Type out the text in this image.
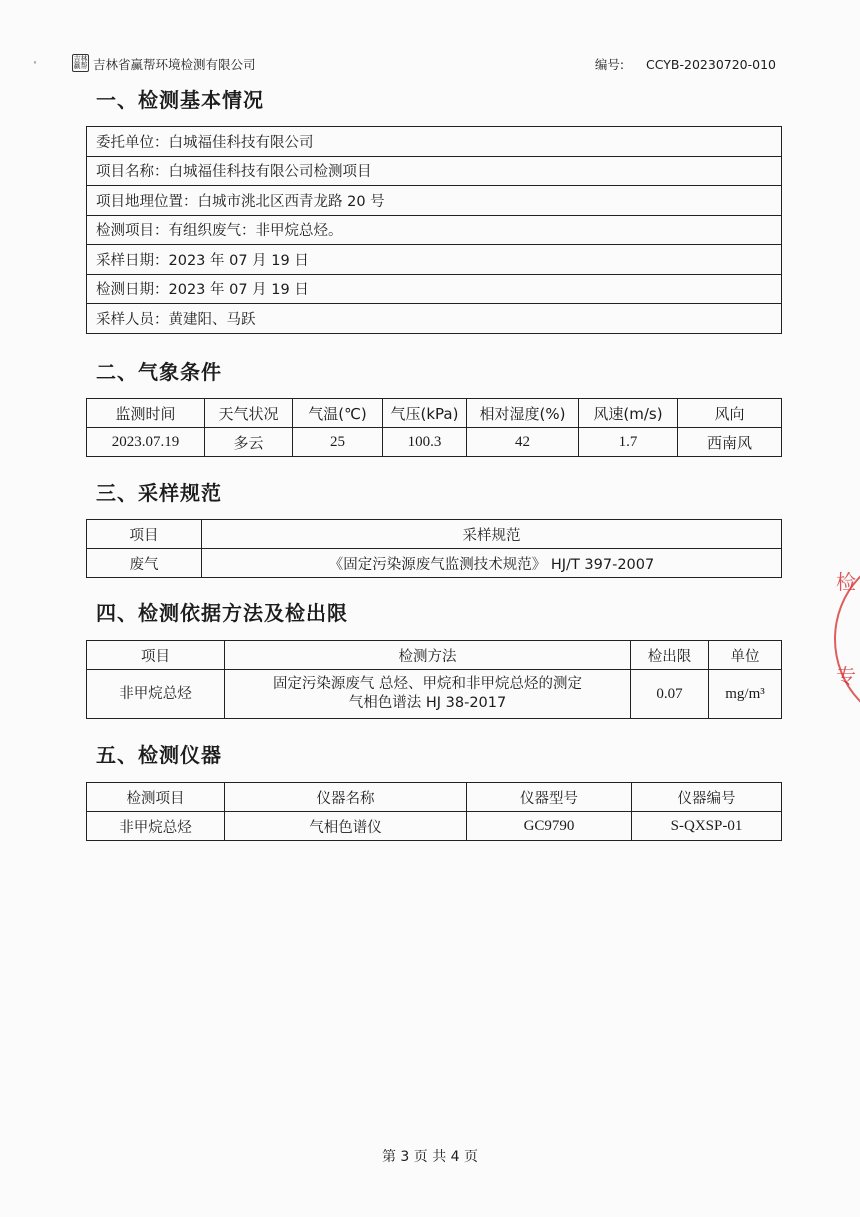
ᵉ	吉林赢帮 吉林省赢帮环境检测有限公司	编号: CCYB-20230720-010
一、检测基本情况
委托单位：白城福佳科技有限公司
项目名称：白城福佳科技有限公司检测项目
项目地理位置：白城市洮北区西青龙路 20 号
检测项目：有组织废气：非甲烷总烃。
采样日期：2023 年 07 月 19 日
检测日期：2023 年 07 月 19 日
采样人员：黄建阳、马跃
二、气象条件
监测时间	天气状况	气温(℃)	气压(kPa)	相对湿度(%)	风速(m/s)	风向
2023.07.19	多云	25	100.3	42	1.7	西南风
三、采样规范
项目	采样规范
废气	《固定污染源废气监测技术规范》 HJ/T 397-2007
四、检测依据方法及检出限
项目	检测方法	检出限	单位
非甲烷总烃	固定污染源废气 总烃、甲烷和非甲烷总烃的测定
气相色谱法 HJ 38-2017	0.07	mg/m³
五、检测仪器
检测项目	仪器名称	仪器型号	仪器编号
非甲烷总烃	气相色谱仪	GC9790	S-QXSP-01
检
专
第 3 页 共 4 页
